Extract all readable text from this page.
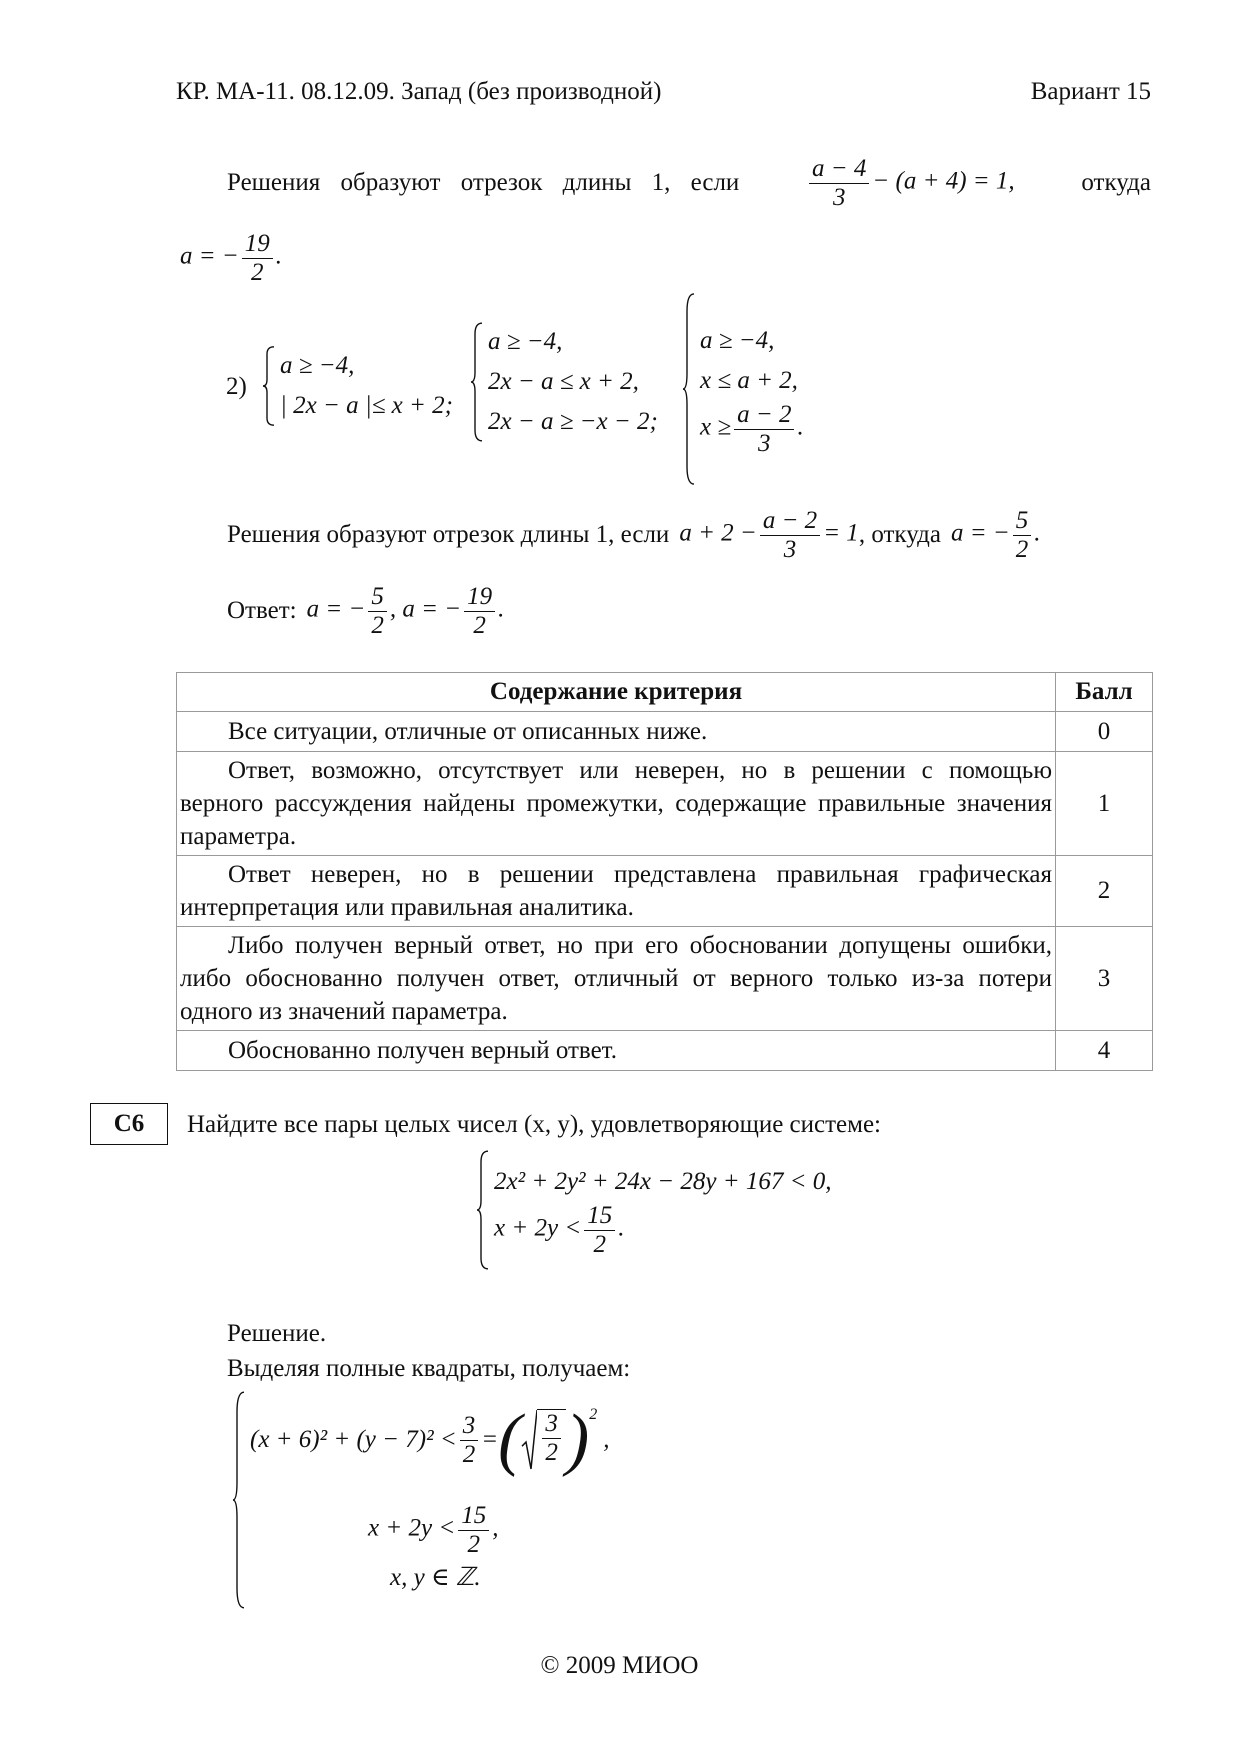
КР. МА-11. 08.12.09. Запад (без производной)	Вариант 15
Решения образуют отрезок длины 1, если	$\frac{a - 4}{3} - (a + 4) = 1$,	откуда
a = − $\frac{19}{2}$ .
2)
a ≥ −4,
| 2x − a |≤ x + 2;
a ≥ −4,
2x − a ≤ x + 2,
2x − a ≥ −x − 2;
a ≥ −4,
x ≤ a + 2,
$x \ge \frac{a - 2}{3}$ .
Решения образуют отрезок длины 1, если $a + 2 - \frac{a - 2}{3} = 1$ , откуда a = − $\frac{5}{2}$ .
Ответ: a = − $\frac{5}{2}$ , a = − $\frac{19}{2}$ .
Содержание критерия	Балл
Все ситуации, отличные от описанных ниже.	0
Ответ, возможно, отсутствует или неверен, но в решении с помощью верного рассуждения найдены промежутки, содержащие правильные значения параметра.	1
Ответ неверен, но в решении представлена правильная графическая интерпретация или правильная аналитика.	2
Либо получен верный ответ, но при его обосновании допущены ошибки, либо обоснованно получен ответ, отличный от верного только из-за потери одного из значений параметра.	3
Обоснованно получен верный ответ.	4
C6	Найдите все пары целых чисел (x, y), удовлетворяющие системе:
2x² + 2y² + 24x − 28y + 167 < 0,
$x + 2y < \frac{15}{2}$ .
Решение.
Выделяя полные квадраты, получаем:
$(x + 6)^2 + (y - 7)^2 < \frac{3}{2}$ = ( $\frac{3}{2} )^2$
,
$x + 2y < \frac{15}{2}$ ,
x, y ∈ ℤ.
© 2009 МИОО
